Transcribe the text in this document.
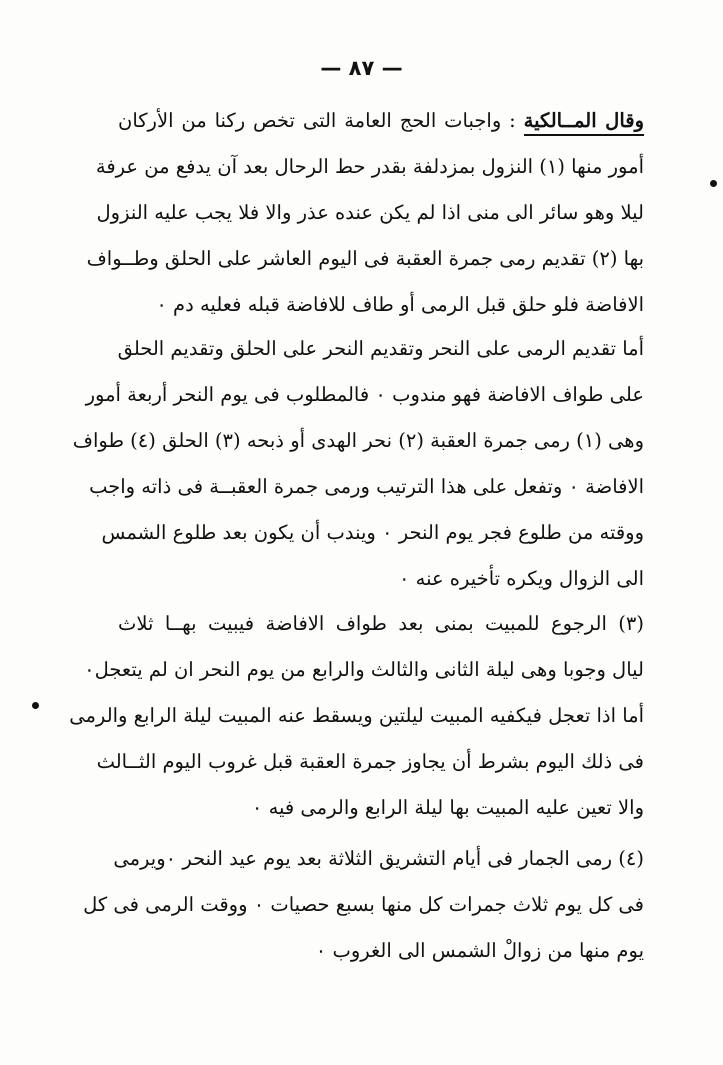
— ٨٧ —
وقال المــالكية : واجبات الحج العامة التى تخص ركنا من الأركان
أمور منها (١) النزول بمزدلفة بقدر حط الرحال بعد آن يدفع من عرفة
ليلا وهو سائر الى منى اذا لم يكن عنده عذر والا فلا يجب عليه النزول
بها (٢) تقديم رمى جمرة العقبة فى اليوم العاشر على الحلق وطــواف
الافاضة فلو حلق قبل الرمى أو طاف للافاضة قبله فعليه دم ٠
أما تقديم الرمى على النحر وتقديم النحر على الحلق وتقديم الحلق
على طواف الافاضة فهو مندوب ٠ فالمطلوب فى يوم النحر أربعة أمور
وهى (١) رمى جمرة العقبة (٢) نحر الهدى أو ذبحه (٣) الحلق (٤) طواف
الافاضة ٠ وتفعل على هذا الترتيب ورمى جمرة العقبــة فى ذاته واجب
ووقته من طلوع فجر يوم النحر ٠ ويندب أن يكون بعد طلوع الشمس
الى الزوال ويكره تأخيره عنه ٠
(٣) الرجوع للمبيت بمنى بعد طواف الافاضة فيبيت بهــا ثلاث
ليال وجوبا وهى ليلة الثانى والثالث والرابع من يوم النحر ان لم يتعجل٠
أما اذا تعجل فيكفيه المبيت ليلتين ويسقط عنه المبيت ليلة الرابع والرمى
فى ذلك اليوم بشرط أن يجاوز جمرة العقبة قبل غروب اليوم الثــالث
والا تعين عليه المبيت بها ليلة الرابع والرمى فيه ٠
(٤) رمى الجمار فى أيام التشريق الثلاثة بعد يوم عيد النحر ٠ويرمى
فى كل يوم ثلاث جمرات كل منها بسبع حصيات ٠ ووقت الرمى فى كل
يوم منها من زوالْ الشمس الى الغروب ٠
